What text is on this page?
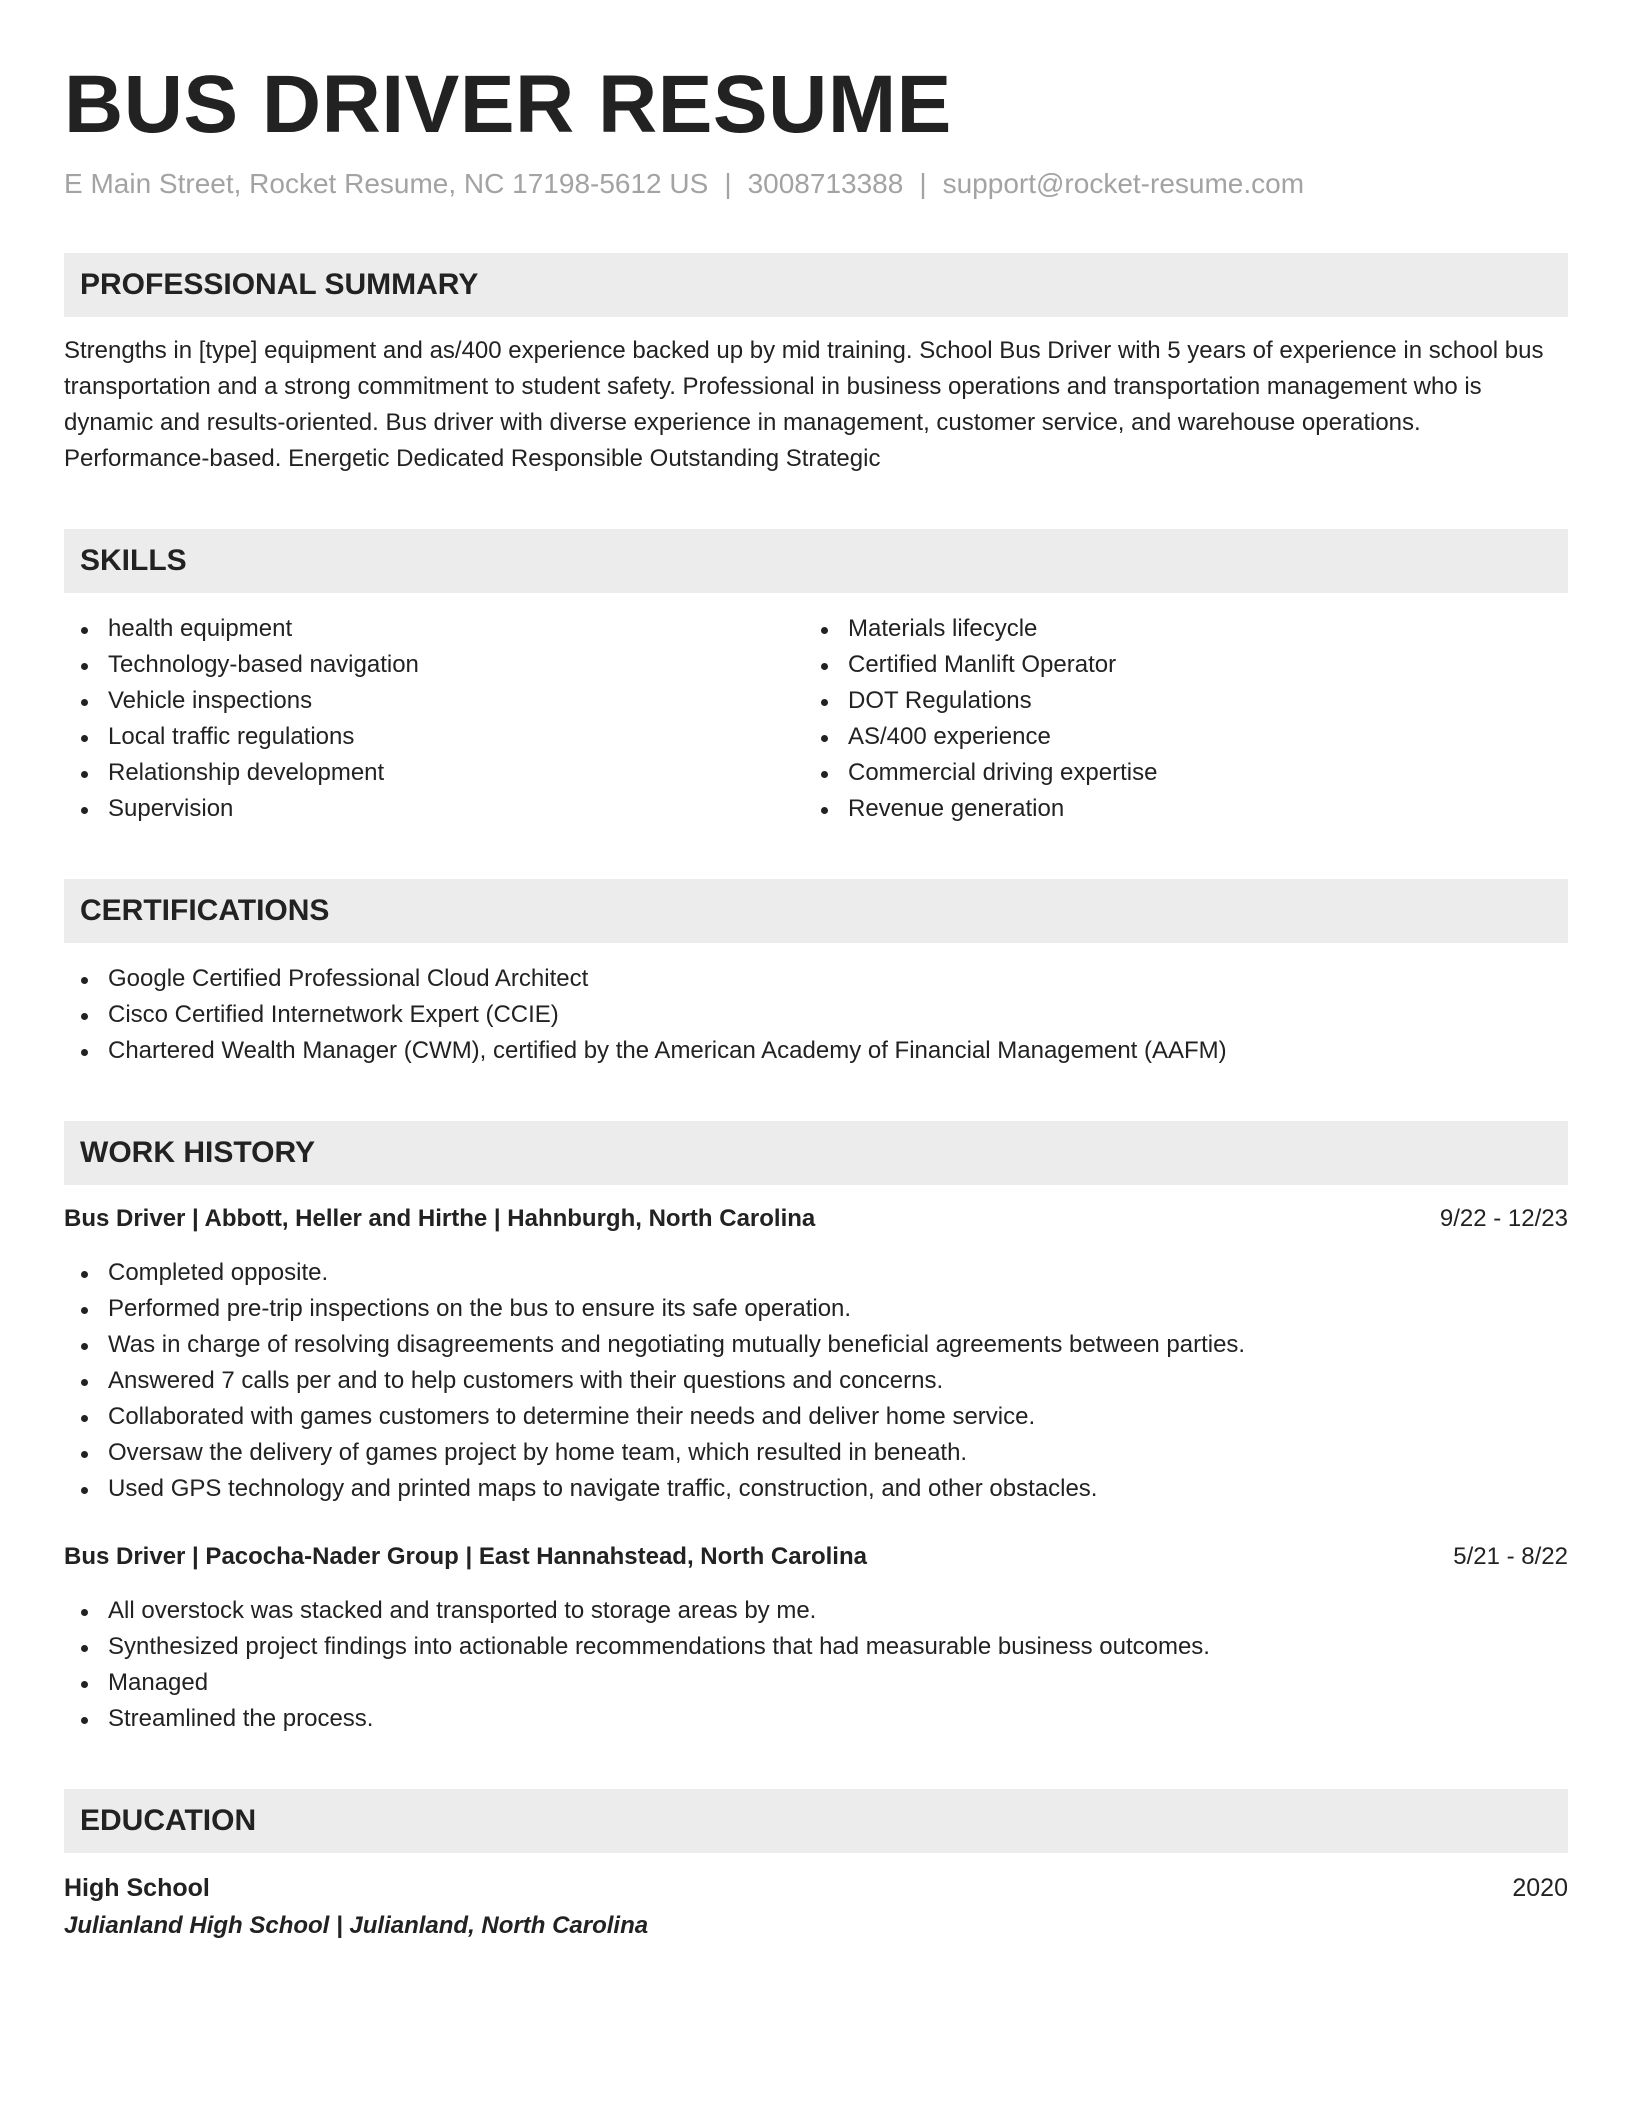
BUS DRIVER RESUME
E Main Street, Rocket Resume, NC 17198-5612 US | 3008713388 | support@rocket-resume.com
PROFESSIONAL SUMMARY
Strengths in [type] equipment and as/400 experience backed up by mid training. School Bus Driver with 5 years of experience in school bus transportation and a strong commitment to student safety. Professional in business operations and transportation management who is dynamic and results-oriented. Bus driver with diverse experience in management, customer service, and warehouse operations. Performance-based. Energetic Dedicated Responsible Outstanding Strategic
SKILLS
health equipment
Technology-based navigation
Vehicle inspections
Local traffic regulations
Relationship development
Supervision
Materials lifecycle
Certified Manlift Operator
DOT Regulations
AS/400 experience
Commercial driving expertise
Revenue generation
CERTIFICATIONS
Google Certified Professional Cloud Architect
Cisco Certified Internetwork Expert (CCIE)
Chartered Wealth Manager (CWM), certified by the American Academy of Financial Management (AAFM)
WORK HISTORY
Bus Driver | Abbott, Heller and Hirthe | Hahnburgh, North Carolina	9/22 - 12/23
Completed opposite.
Performed pre-trip inspections on the bus to ensure its safe operation.
Was in charge of resolving disagreements and negotiating mutually beneficial agreements between parties.
Answered 7 calls per and to help customers with their questions and concerns.
Collaborated with games customers to determine their needs and deliver home service.
Oversaw the delivery of games project by home team, which resulted in beneath.
Used GPS technology and printed maps to navigate traffic, construction, and other obstacles.
Bus Driver | Pacocha-Nader Group | East Hannahstead, North Carolina	5/21 - 8/22
All overstock was stacked and transported to storage areas by me.
Synthesized project findings into actionable recommendations that had measurable business outcomes.
Managed
Streamlined the process.
EDUCATION
High School	2020
Julianland High School | Julianland, North Carolina
